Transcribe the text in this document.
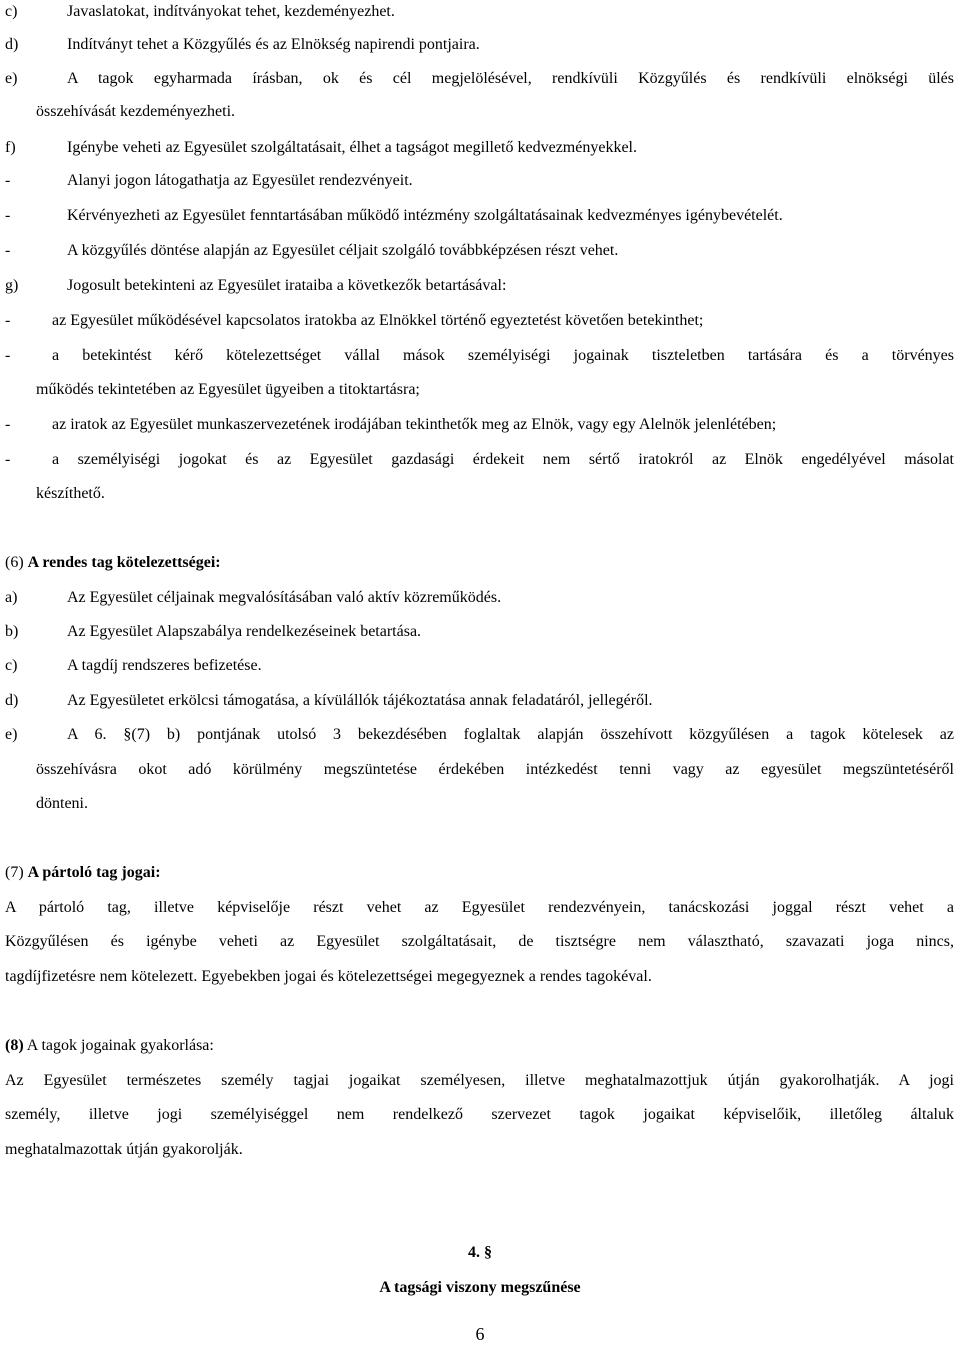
c)	Javaslatokat, indítványokat tehet, kezdeményezhet.
d)	Indítványt tehet a Közgyűlés és az Elnökség napirendi pontjaira.
e)	A tagok egyharmada írásban, ok és cél megjelölésével, rendkívüli Közgyűlés és rendkívüli elnökségi ülés
összehívását kezdeményezheti.
f)	Igénybe veheti az Egyesület szolgáltatásait, élhet a tagságot megillető kedvezményekkel.
-	Alanyi jogon látogathatja az Egyesület rendezvényeit.
-	Kérvényezheti az Egyesület fenntartásában működő intézmény szolgáltatásainak kedvezményes igénybevételét.
-	A közgyűlés döntése alapján az Egyesület céljait szolgáló továbbképzésen részt vehet.
g)	Jogosult betekinteni az Egyesület irataiba a következők betartásával:
-	az Egyesület működésével kapcsolatos iratokba az Elnökkel történő egyeztetést követően betekinthet;
-	a betekintést kérő kötelezettséget vállal mások személyiségi jogainak tiszteletben tartására és a törvényes
működés tekintetében az Egyesület ügyeiben a titoktartásra;
-	az iratok az Egyesület munkaszervezetének irodájában tekinthetők meg az Elnök, vagy egy Alelnök jelenlétében;
-	a személyiségi jogokat és az Egyesület gazdasági érdekeit nem sértő iratokról az Elnök engedélyével másolat
készíthető.
(6) A rendes tag kötelezettségei:
a)	Az Egyesület céljainak megvalósításában való aktív közreműködés.
b)	Az Egyesület Alapszabálya rendelkezéseinek betartása.
c)	A tagdíj rendszeres befizetése.
d)	Az Egyesületet erkölcsi támogatása, a kívülállók tájékoztatása annak feladatáról, jellegéről.
e)	A 6. §(7) b) pontjának utolsó 3 bekezdésében foglaltak alapján összehívott közgyűlésen a tagok kötelesek az
összehívásra okot adó körülmény megszüntetése érdekében intézkedést tenni vagy az egyesület megszüntetéséről
dönteni.
(7) A pártoló tag jogai:
A pártoló tag, illetve képviselője részt vehet az Egyesület rendezvényein, tanácskozási joggal részt vehet a
Közgyűlésen és igénybe veheti az Egyesület szolgáltatásait, de tisztségre nem választható, szavazati joga nincs,
tagdíjfizetésre nem kötelezett. Egyebekben jogai és kötelezettségei megegyeznek a rendes tagokéval.
(8) A tagok jogainak gyakorlása:
Az Egyesület természetes személy tagjai jogaikat személyesen, illetve meghatalmazottjuk útján gyakorolhatják. A jogi
személy, illetve jogi személyiséggel nem rendelkező szervezet tagok jogaikat képviselőik, illetőleg általuk
meghatalmazottak útján gyakorolják.
4. §
A tagsági viszony megszűnése
6
